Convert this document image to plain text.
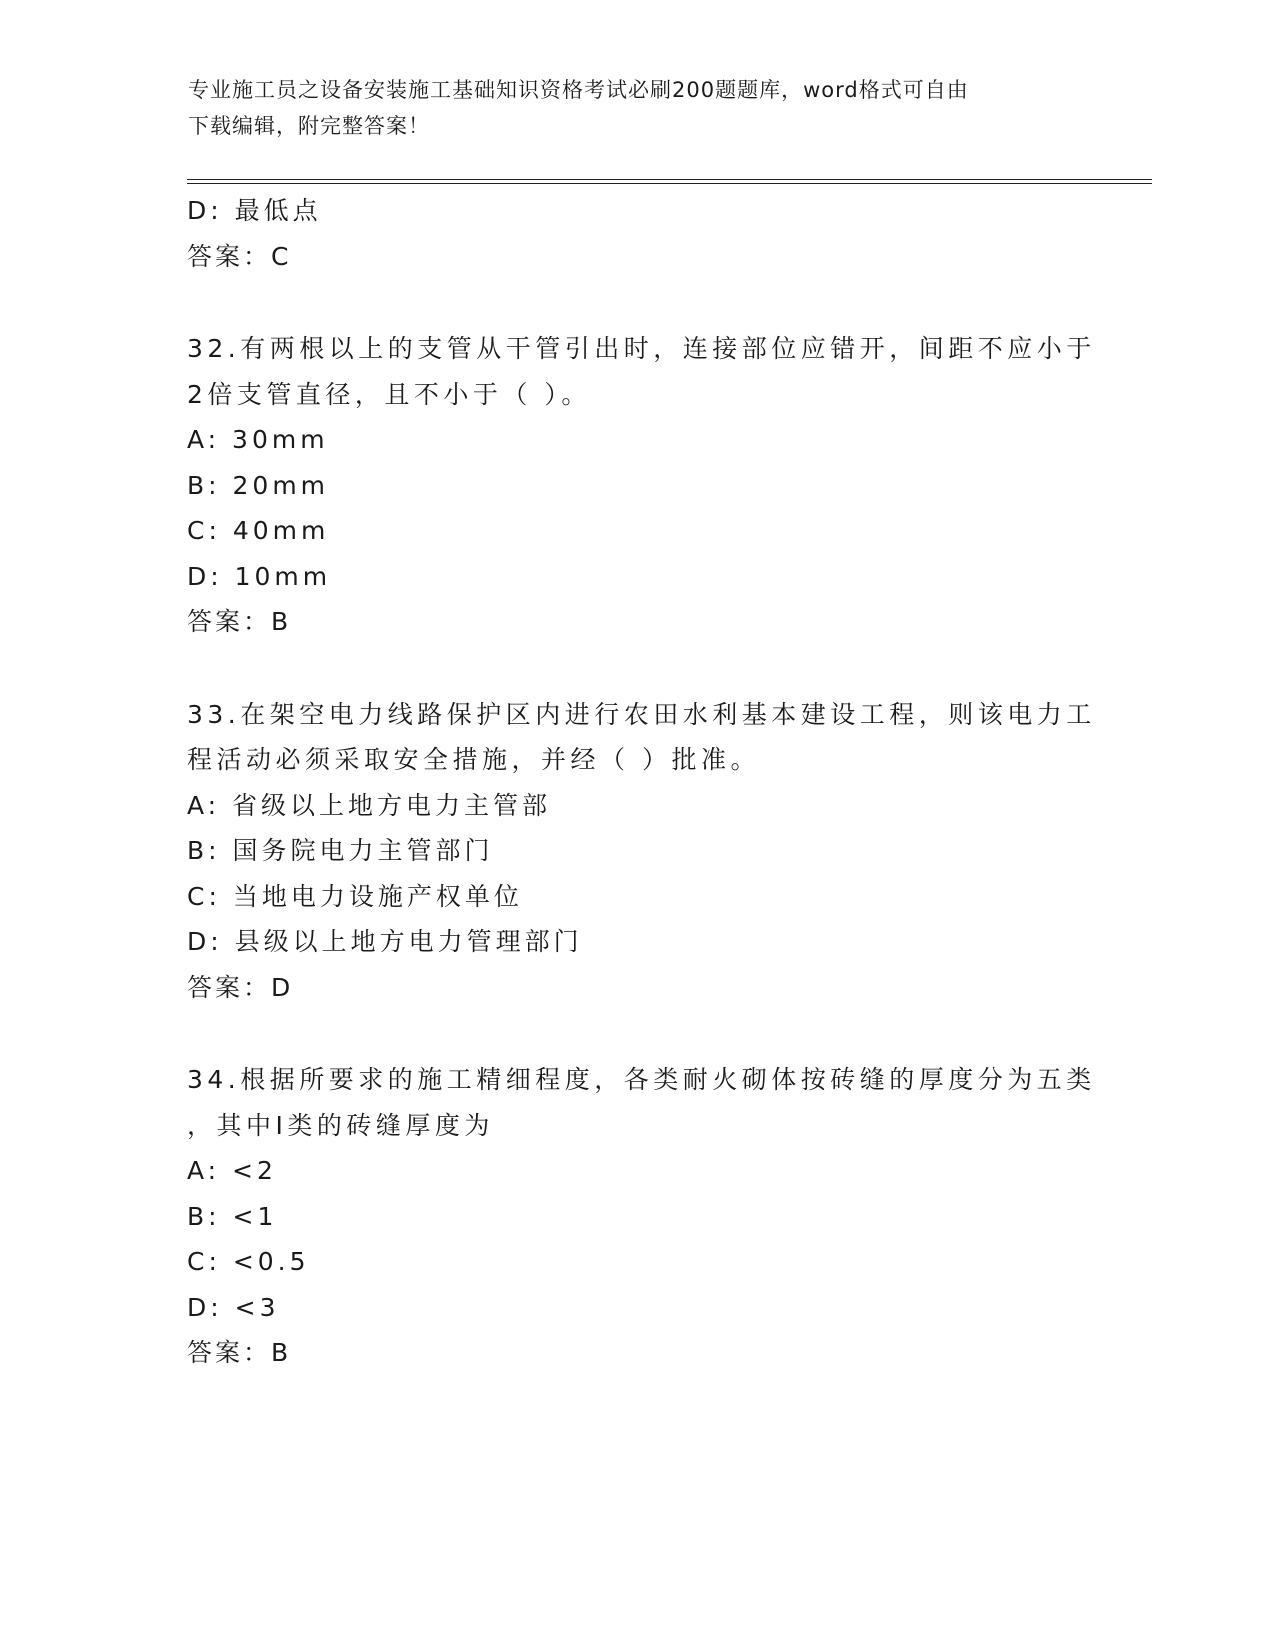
专业施工员之设备安装施工基础知识资格考试必刷200题题库，word格式可自由
下载编辑，附完整答案！
D: 最低点
答案：C
32.有两根以上的支管从干管引出时，连接部位应错开，间距不应小于
2倍支管直径，且不小于（ ）。
A: 30mm
B: 20mm
C: 40mm
D: 10mm
答案：B
33.在架空电力线路保护区内进行农田水利基本建设工程，则该电力工
程活动必须采取安全措施，并经（ ）批准。
A: 省级以上地方电力主管部
B: 国务院电力主管部门
C: 当地电力设施产权单位
D: 县级以上地方电力管理部门
答案：D
34.根据所要求的施工精细程度，各类耐火砌体按砖缝的厚度分为五类
，其中Ⅰ类的砖缝厚度为
A: <2
B: <1
C: <0.5
D: <3
答案：B
